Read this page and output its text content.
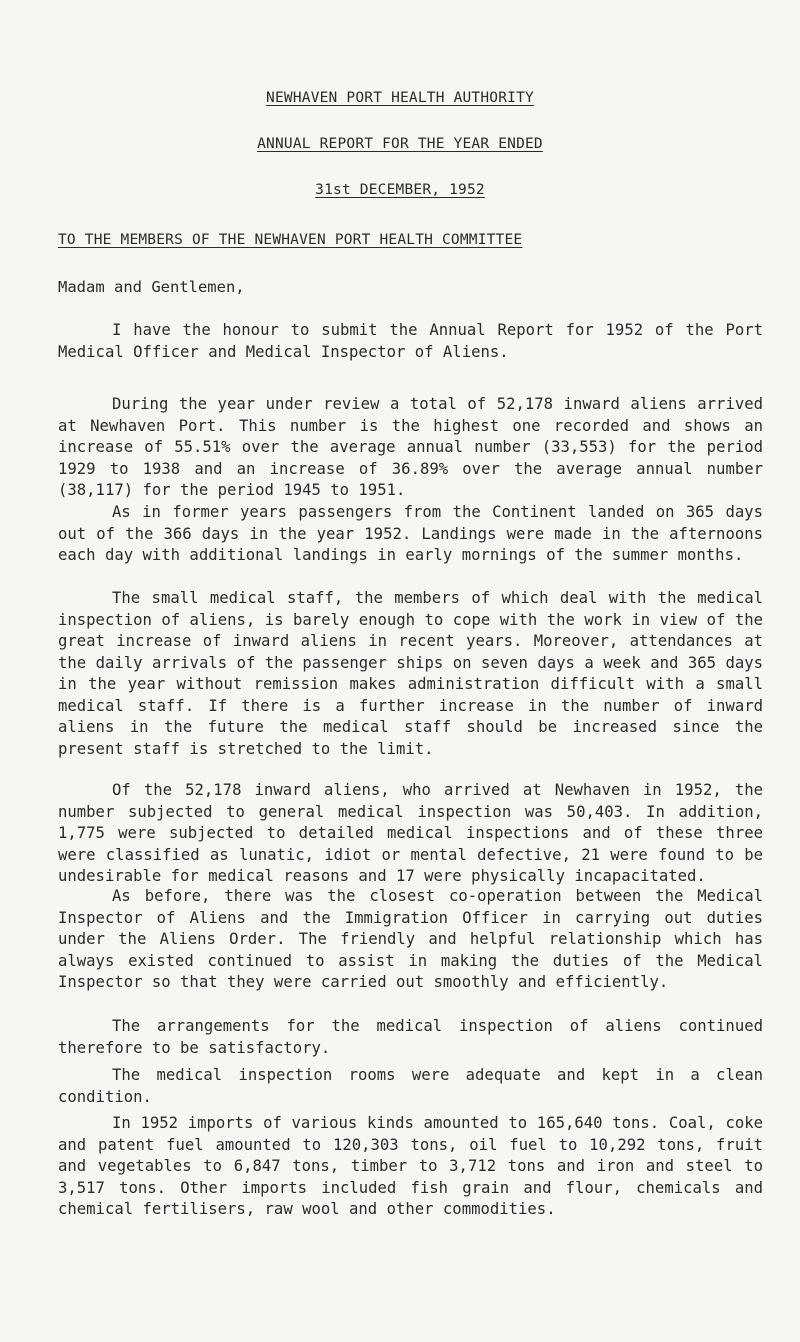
NEWHAVEN PORT HEALTH AUTHORITY
ANNUAL REPORT FOR THE YEAR ENDED
31st DECEMBER, 1952
TO THE MEMBERS OF THE NEWHAVEN PORT HEALTH COMMITTEE
Madam and Gentlemen,

I have the honour to submit the Annual Report for 1952 of the Port Medical Officer and Medical Inspector of Aliens.

During the year under review a total of 52,178 inward aliens arrived at Newhaven Port. This number is the highest one recorded and shows an increase of 55.51% over the average annual number (33,553) for the period 1929 to 1938 and an increase of 36.89% over the average annual number (38,117) for the period 1945 to 1951.

As in former years passengers from the Continent landed on 365 days out of the 366 days in the year 1952. Landings were made in the afternoons each day with additional landings in early mornings of the summer months.

The small medical staff, the members of which deal with the medical inspection of aliens, is barely enough to cope with the work in view of the great increase of inward aliens in recent years. Moreover, attendances at the daily arrivals of the passenger ships on seven days a week and 365 days in the year without remission makes administration difficult with a small medical staff. If there is a further increase in the number of inward aliens in the future the medical staff should be increased since the present staff is stretched to the limit.

Of the 52,178 inward aliens, who arrived at Newhaven in 1952, the number subjected to general medical inspection was 50,403. In addition, 1,775 were subjected to detailed medical inspections and of these three were classified as lunatic, idiot or mental defective, 21 were found to be undesirable for medical reasons and 17 were physically incapacitated.

As before, there was the closest co-operation between the Medical Inspector of Aliens and the Immigration Officer in carrying out duties under the Aliens Order. The friendly and helpful relationship which has always existed continued to assist in making the duties of the Medical Inspector so that they were carried out smoothly and efficiently.

The arrangements for the medical inspection of aliens continued therefore to be satisfactory.

The medical inspection rooms were adequate and kept in a clean condition.

In 1952 imports of various kinds amounted to 165,640 tons. Coal, coke and patent fuel amounted to 120,303 tons, oil fuel to 10,292 tons, fruit and vegetables to 6,847 tons, timber to 3,712 tons and iron and steel to 3,517 tons. Other imports included fish grain and flour, chemicals and chemical fertilisers, raw wool and other commodities.
